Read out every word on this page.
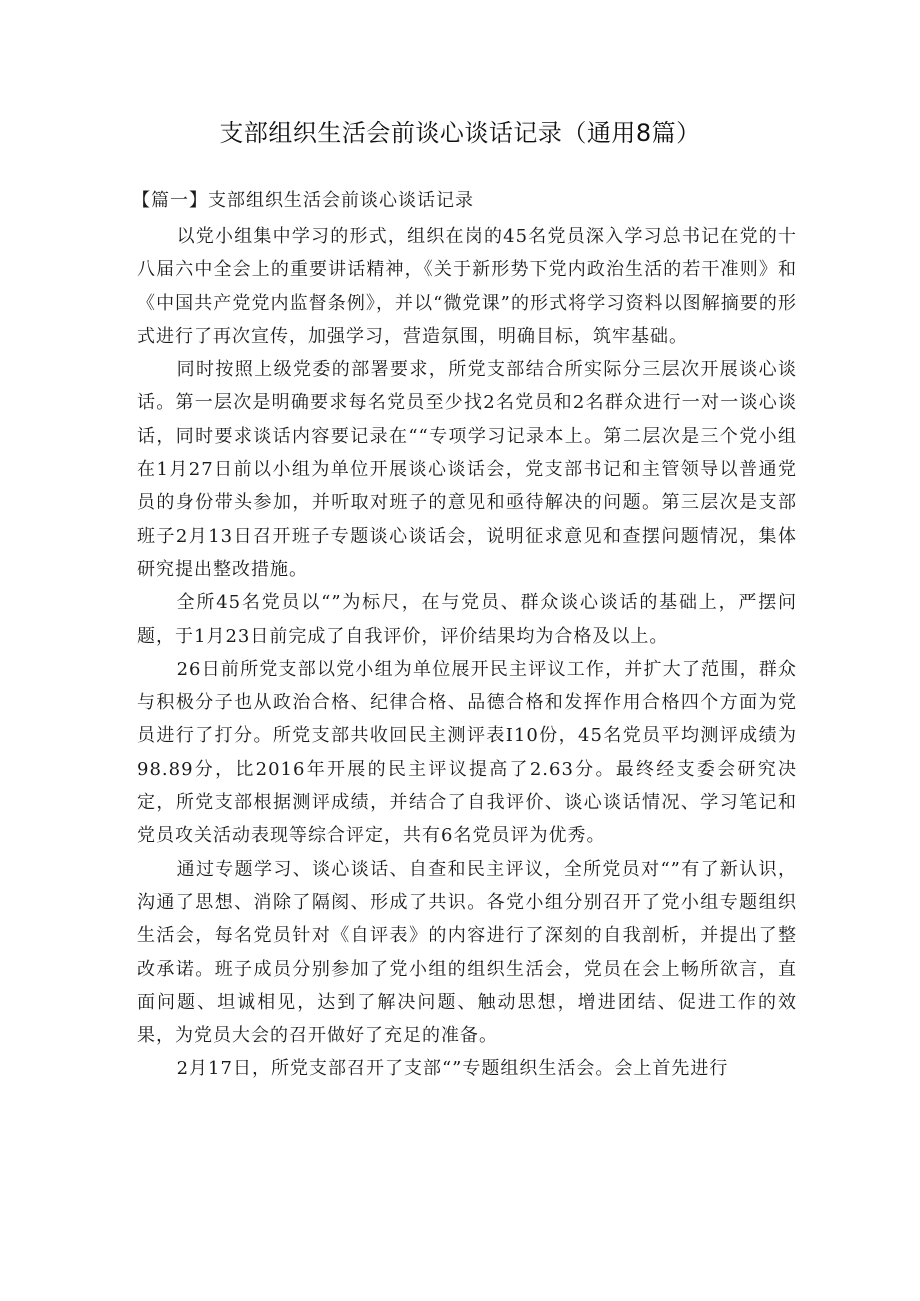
支部组织生活会前谈心谈话记录（通用8篇）
【篇一】支部组织生活会前谈心谈话记录

以党小组集中学习的形式，组织在岗的45名党员深入学习总书记在党的十八届六中全会上的重要讲话精神，《关于新形势下党内政治生活的若干准则》和《中国共产党党内监督条例》，并以“微党课”的形式将学习资料以图解摘要的形式进行了再次宣传，加强学习，营造氛围，明确目标，筑牢基础。

同时按照上级党委的部署要求，所党支部结合所实际分三层次开展谈心谈话。第一层次是明确要求每名党员至少找2名党员和2名群众进行一对一谈心谈话，同时要求谈话内容要记录在““专项学习记录本上。第二层次是三个党小组在1月27日前以小组为单位开展谈心谈话会，党支部书记和主管领导以普通党员的身份带头参加，并听取对班子的意见和亟待解决的问题。第三层次是支部班子2月13日召开班子专题谈心谈话会，说明征求意见和查摆问题情况，集体研究提出整改措施。

全所45名党员以“”为标尺，在与党员、群众谈心谈话的基础上，严摆问题，于1月23日前完成了自我评价，评价结果均为合格及以上。

26日前所党支部以党小组为单位展开民主评议工作，并扩大了范围，群众与积极分子也从政治合格、纪律合格、品德合格和发挥作用合格四个方面为党员进行了打分。所党支部共收回民主测评表I10份，45名党员平均测评成绩为98.89分，比2016年开展的民主评议提高了2.63分。最终经支委会研究决定，所党支部根据测评成绩，并结合了自我评价、谈心谈话情况、学习笔记和党员攻关活动表现等综合评定，共有6名党员评为优秀。

通过专题学习、谈心谈话、自查和民主评议，全所党员对“”有了新认识，沟通了思想、消除了隔阂、形成了共识。各党小组分别召开了党小组专题组织生活会，每名党员针对《自评表》的内容进行了深刻的自我剖析，并提出了整改承诺。班子成员分别参加了党小组的组织生活会，党员在会上畅所欲言，直面问题、坦诚相见，达到了解决问题、触动思想，增进团结、促进工作的效果，为党员大会的召开做好了充足的准备。

2月17日，所党支部召开了支部“”专题组织生活会。会上首先进行
